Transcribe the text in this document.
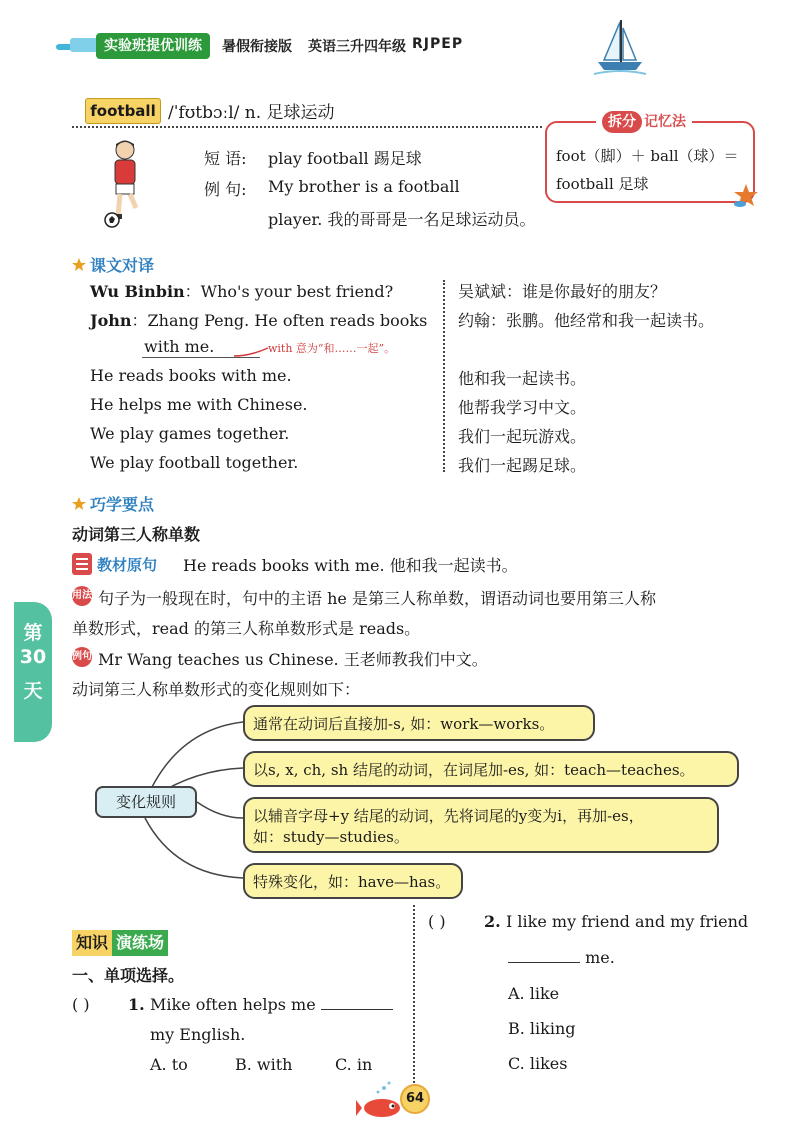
实验班提优训练	暑假衔接版 英语三升四年级 RJPEP
football /ˈfʊtbɔːl/ n. 足球运动	拆分 记忆法
foot（脚）＋ ball（球）＝
football 足球
短 语: play football 踢足球
例 句: My brother is a football
player. 我的哥哥是一名足球运动员。
课文对译
Wu Binbin：Who's your best friend?	吴斌斌：谁是你最好的朋友？
John：Zhang Peng. He often reads books 约翰：张鹏。他经常和我一起读书。
with me.	with 意为“和……一起”。
He reads books with me.	他和我一起读书。
He helps me with Chinese.	他帮我学习中文。
We play games together.	我们一起玩游戏。
We play football together.	我们一起踢足球。
巧学要点
动词第三人称单数
教材原句 He reads books with me. 他和我一起读书。
用法 句子为一般现在时，句中的主语 he 是第三人称单数，谓语动词也要用第三人称
单数形式，read 的第三人称单数形式是 reads。
例句 Mr Wang teaches us Chinese. 王老师教我们中文。
动词第三人称单数形式的变化规则如下：
第
30
天
变化规则
通常在动词后直接加-s, 如：work—works。
以s, x, ch, sh 结尾的动词，在词尾加-es, 如：teach—teaches。
以辅音字母+y 结尾的动词，先将词尾的y变为i，再加-es，
如：study—studies。
特殊变化，如：have—has。
知识 演练场
一、单项选择。
( ) 1. Mike often helps me
my English.
A. to	B. with	C. in
( ) 2. I like my friend and my friend
me.
A. like
B. liking
C. likes
64
